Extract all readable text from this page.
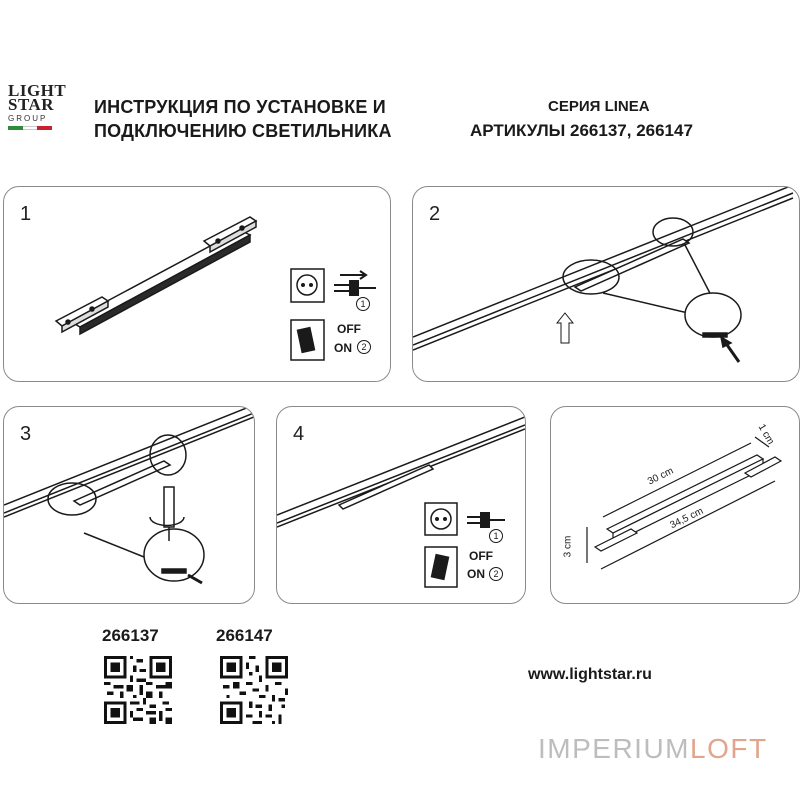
LIGHT
STAR
GROUP
ИНСТРУКЦИЯ ПО УСТАНОВКЕ И
ПОДКЛЮЧЕНИЮ СВЕТИЛЬНИКА
СЕРИЯ LINEA
АРТИКУЛЫ 266137, 266147
1
OFF
ON
1
2
2
3	4
OFF
ON
1
2
30 cm
34,5 cm
3 cm
1 cm
266137	266147
www.lightstar.ru
IMPERIUMLOFT
